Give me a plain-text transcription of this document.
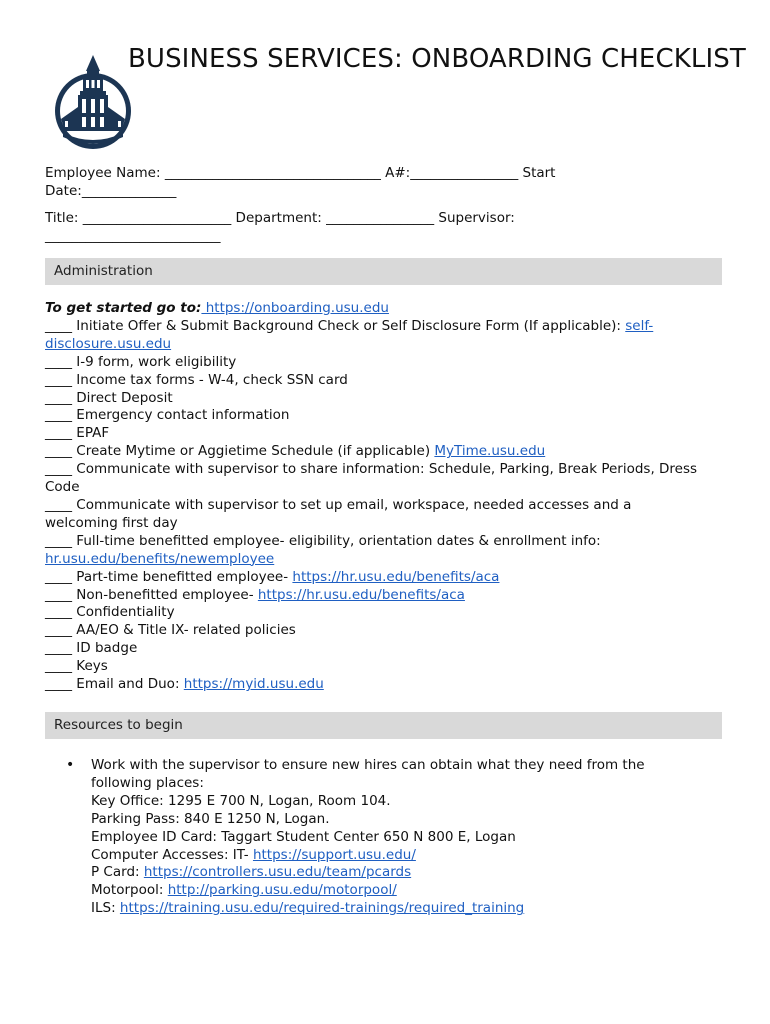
BUSINESS SERVICES: ONBOARDING CHECKLIST
Employee Name: ________________________________ A#:________________ Start
Date:______________
Title: ______________________ Department: ________________ Supervisor:
__________________________
Administration
To get started go to: https://onboarding.usu.edu
____ Initiate Offer & Submit Background Check or Self Disclosure Form (If applicable): self-
disclosure.usu.edu
____ I-9 form, work eligibility
____ Income tax forms - W-4, check SSN card
____ Direct Deposit
____ Emergency contact information
____ EPAF
____ Create Mytime or Aggietime Schedule (if applicable) MyTime.usu.edu
____ Communicate with supervisor to share information: Schedule, Parking, Break Periods, Dress
Code
____ Communicate with supervisor to set up email, workspace, needed accesses and a
welcoming first day
____ Full-time benefitted employee- eligibility, orientation dates & enrollment info:
hr.usu.edu/benefits/newemployee
____ Part-time benefitted employee- https://hr.usu.edu/benefits/aca
____ Non-benefitted employee- https://hr.usu.edu/benefits/aca
____ Confidentiality
____ AA/EO & Title IX- related policies
____ ID badge
____ Keys
____ Email and Duo: https://myid.usu.edu
Resources to begin
• Work with the supervisor to ensure new hires can obtain what they need from the
following places:
Key Office: 1295 E 700 N, Logan, Room 104.
Parking Pass: 840 E 1250 N, Logan.
Employee ID Card: Taggart Student Center 650 N 800 E, Logan
Computer Accesses: IT- https://support.usu.edu/
P Card: https://controllers.usu.edu/team/pcards
Motorpool: http://parking.usu.edu/motorpool/
ILS: https://training.usu.edu/required-trainings/required_training
